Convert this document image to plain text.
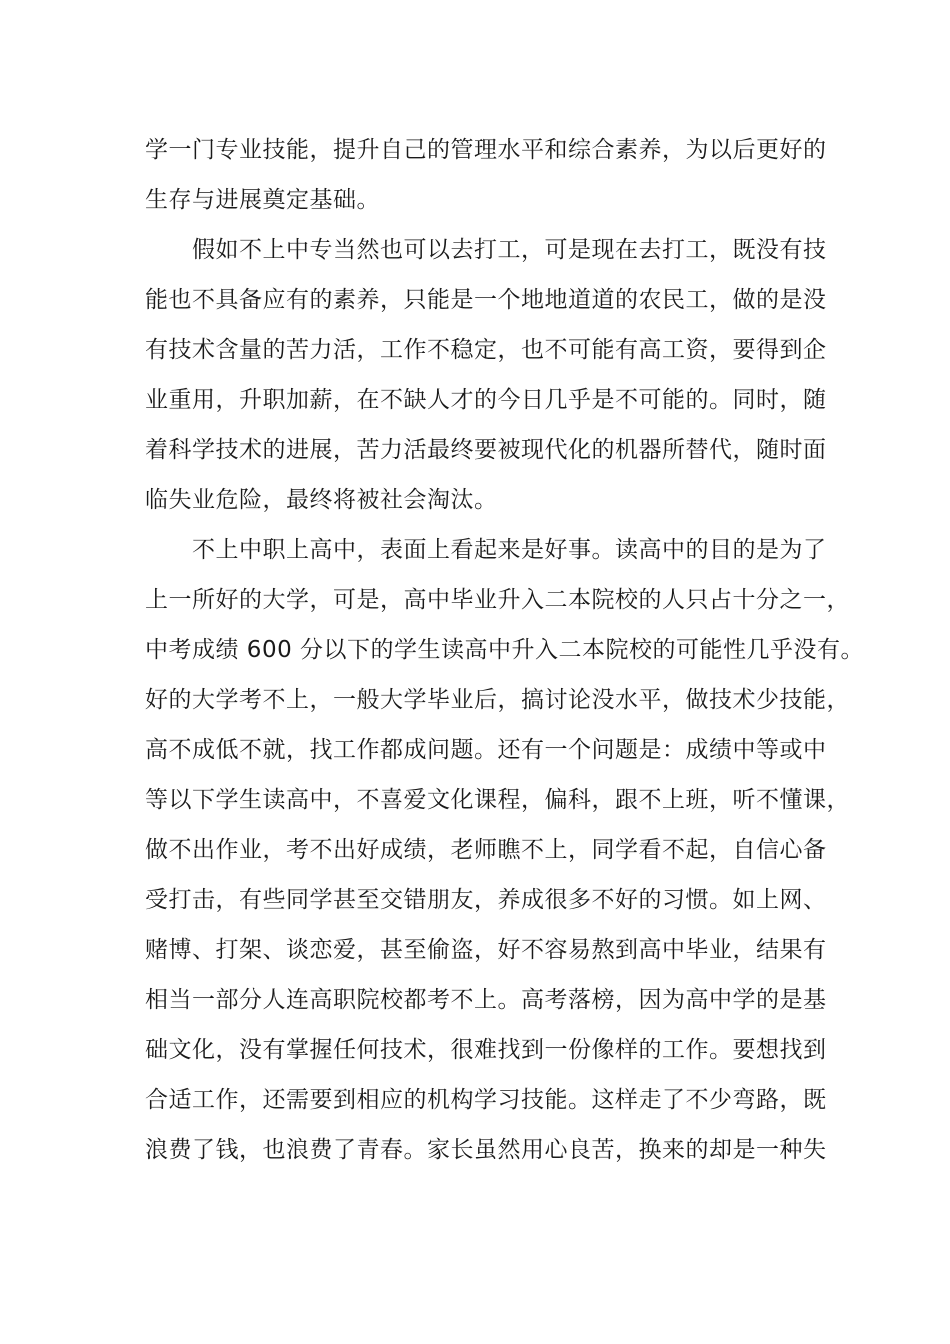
学一门专业技能，提升自己的管理水平和综合素养，为以后更好的
生存与进展奠定基础。
假如不上中专当然也可以去打工，可是现在去打工，既没有技
能也不具备应有的素养，只能是一个地地道道的农民工，做的是没
有技术含量的苦力活，工作不稳定，也不可能有高工资，要得到企
业重用，升职加薪，在不缺人才的今日几乎是不可能的。同时，随
着科学技术的进展，苦力活最终要被现代化的机器所替代，随时面
临失业危险，最终将被社会淘汰。
不上中职上高中，表面上看起来是好事。读高中的目的是为了
上一所好的大学，可是，高中毕业升入二本院校的人只占十分之一，
中考成绩 600 分以下的学生读高中升入二本院校的可能性几乎没有。
好的大学考不上，一般大学毕业后，搞讨论没水平，做技术少技能，
高不成低不就，找工作都成问题。还有一个问题是：成绩中等或中
等以下学生读高中，不喜爱文化课程，偏科，跟不上班，听不懂课，
做不出作业，考不出好成绩，老师瞧不上，同学看不起，自信心备
受打击，有些同学甚至交错朋友，养成很多不好的习惯。如上网、
赌博、打架、谈恋爱，甚至偷盗，好不容易熬到高中毕业，结果有
相当一部分人连高职院校都考不上。高考落榜，因为高中学的是基
础文化，没有掌握任何技术，很难找到一份像样的工作。要想找到
合适工作，还需要到相应的机构学习技能。这样走了不少弯路，既
浪费了钱，也浪费了青春。家长虽然用心良苦，换来的却是一种失
